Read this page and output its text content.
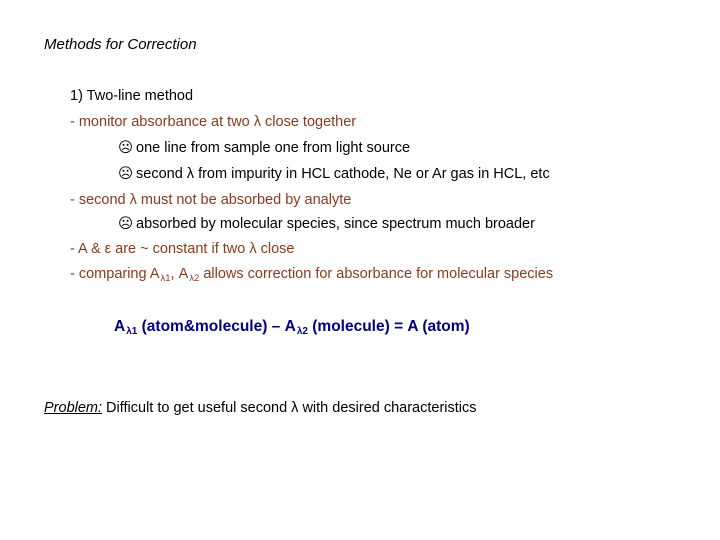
Methods for Correction
1) Two-line method
- monitor absorbance at two λ close together
☹ one line from sample one from light source
☹ second λ from impurity in HCL cathode, Ne or Ar gas in HCL, etc
- second λ must not be absorbed by analyte
☹ absorbed by molecular species, since spectrum much broader
- A & ε are ~ constant if two λ close
- comparing $A_{\lambda 1}$, $A_{\lambda 2}$ allows correction for absorbance for molecular species
$A_{\lambda 1}$ (atom&molecule) – $A_{\lambda 2}$ (molecule) = A (atom)
Problem: Difficult to get useful second λ with desired characteristics
